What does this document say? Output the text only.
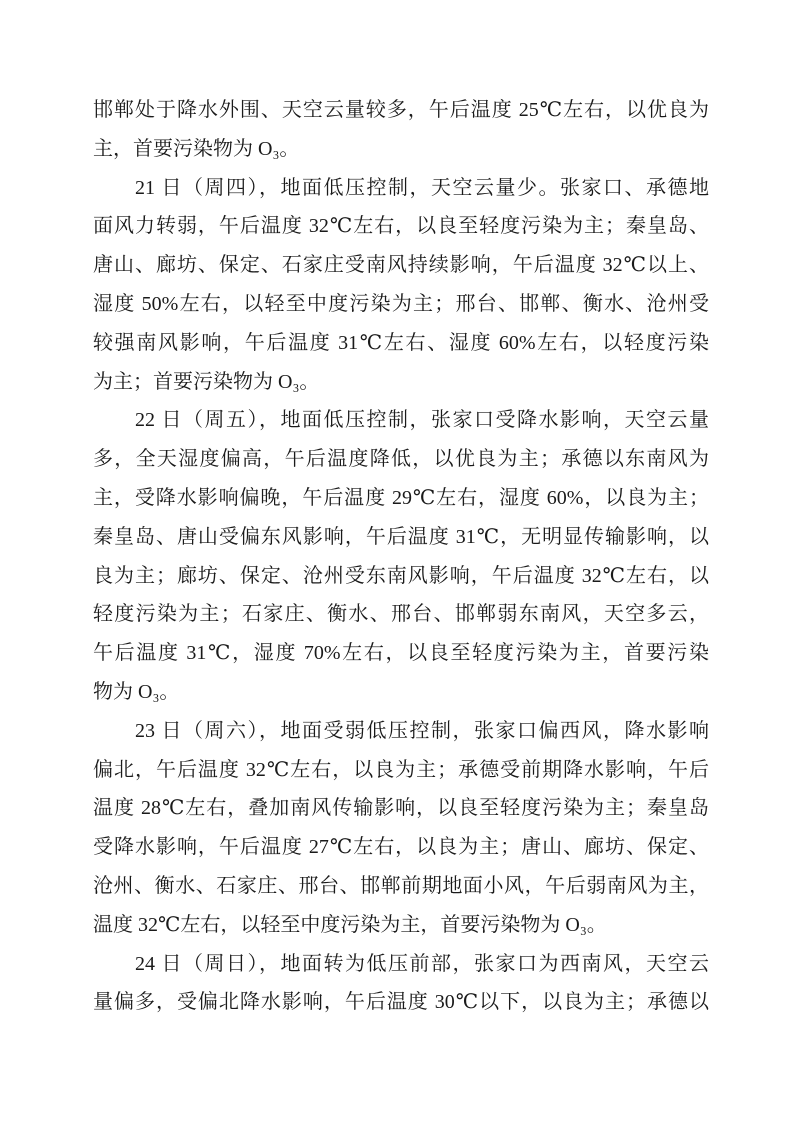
邯郸处于降水外围、天空云量较多，午后温度 25℃左右，以优良为
主，首要污染物为 O₃。
21 日（周四），地面低压控制，天空云量少。张家口、承德地
面风力转弱，午后温度 32℃左右，以良至轻度污染为主；秦皇岛、
唐山、廊坊、保定、石家庄受南风持续影响，午后温度 32℃以上、
湿度 50%左右，以轻至中度污染为主；邢台、邯郸、衡水、沧州受
较强南风影响，午后温度 31℃左右、湿度 60%左右，以轻度污染
为主；首要污染物为 O₃。
22 日（周五），地面低压控制，张家口受降水影响，天空云量
多，全天湿度偏高，午后温度降低，以优良为主；承德以东南风为
主，受降水影响偏晚，午后温度 29℃左右，湿度 60%，以良为主；
秦皇岛、唐山受偏东风影响，午后温度 31℃，无明显传输影响，以
良为主；廊坊、保定、沧州受东南风影响，午后温度 32℃左右，以
轻度污染为主；石家庄、衡水、邢台、邯郸弱东南风，天空多云，
午后温度 31℃，湿度 70%左右，以良至轻度污染为主，首要污染
物为 O₃。
23 日（周六），地面受弱低压控制，张家口偏西风，降水影响
偏北，午后温度 32℃左右，以良为主；承德受前期降水影响，午后
温度 28℃左右，叠加南风传输影响，以良至轻度污染为主；秦皇岛
受降水影响，午后温度 27℃左右，以良为主；唐山、廊坊、保定、
沧州、衡水、石家庄、邢台、邯郸前期地面小风，午后弱南风为主，
温度 32℃左右，以轻至中度污染为主，首要污染物为 O₃。
24 日（周日），地面转为低压前部，张家口为西南风，天空云
量偏多，受偏北降水影响，午后温度 30℃以下，以良为主；承德以
